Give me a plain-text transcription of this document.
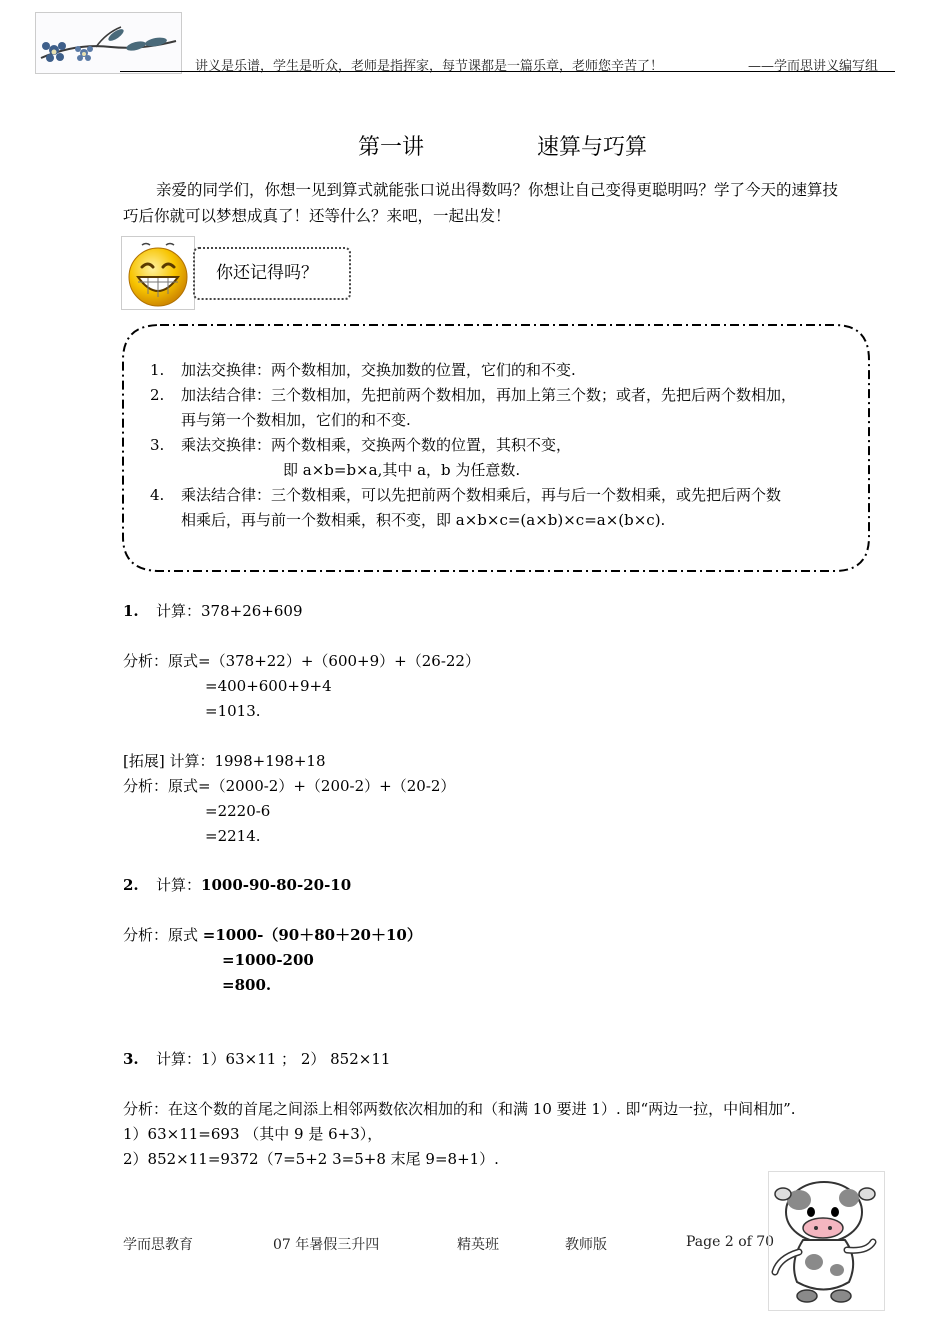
讲义是乐谱，学生是听众，老师是指挥家，每节课都是一篇乐章，老师您辛苦了！	——学而思讲义编写组
第一讲	速算与巧算
亲爱的同学们，你想一见到算式就能张口说出得数吗？你想让自己变得更聪明吗？学了今天的速算技
巧后你就可以梦想成真了！还等什么？来吧，一起出发！
你还记得吗？
1. 加法交换律：两个数相加，交换加数的位置，它们的和不变.
2. 加法结合律：三个数相加，先把前两个数相加，再加上第三个数；或者，先把后两个数相加，
再与第一个数相加，它们的和不变.
3. 乘法交换律：两个数相乘，交换两个数的位置，其积不变，
即 a×b=b×a,其中 a，b 为任意数.
4. 乘法结合律：三个数相乘，可以先把前两个数相乘后，再与后一个数相乘，或先把后两个数
相乘后，再与前一个数相乘，积不变，即 a×b×c=(a×b)×c=a×(b×c).
1. 计算：378+26+609
分析：原式=（378+22）+（600+9）+（26-22）
=400+600+9+4
=1013.
[拓展] 计算：1998+198+18
分析：原式=（2000-2）+（200-2）+（20-2）
=2220-6
=2214.
2. 计算：1000-90-80-20-10
分析：原式 =1000-（90＋80＋20＋10）
=1000-200
=800.
3. 计算：1）63×11 ； 2） 852×11
分析：在这个数的首尾之间添上相邻两数依次相加的和（和满 10 要进 1）. 即“两边一拉，中间相加”.
1）63×11=693 （其中 9 是 6+3），
2）852×11=9372（7=5+2 3=5+8 末尾 9=8+1）.
学而思教育	07 年暑假三升四	精英班	教师版	Page 2 of 70
